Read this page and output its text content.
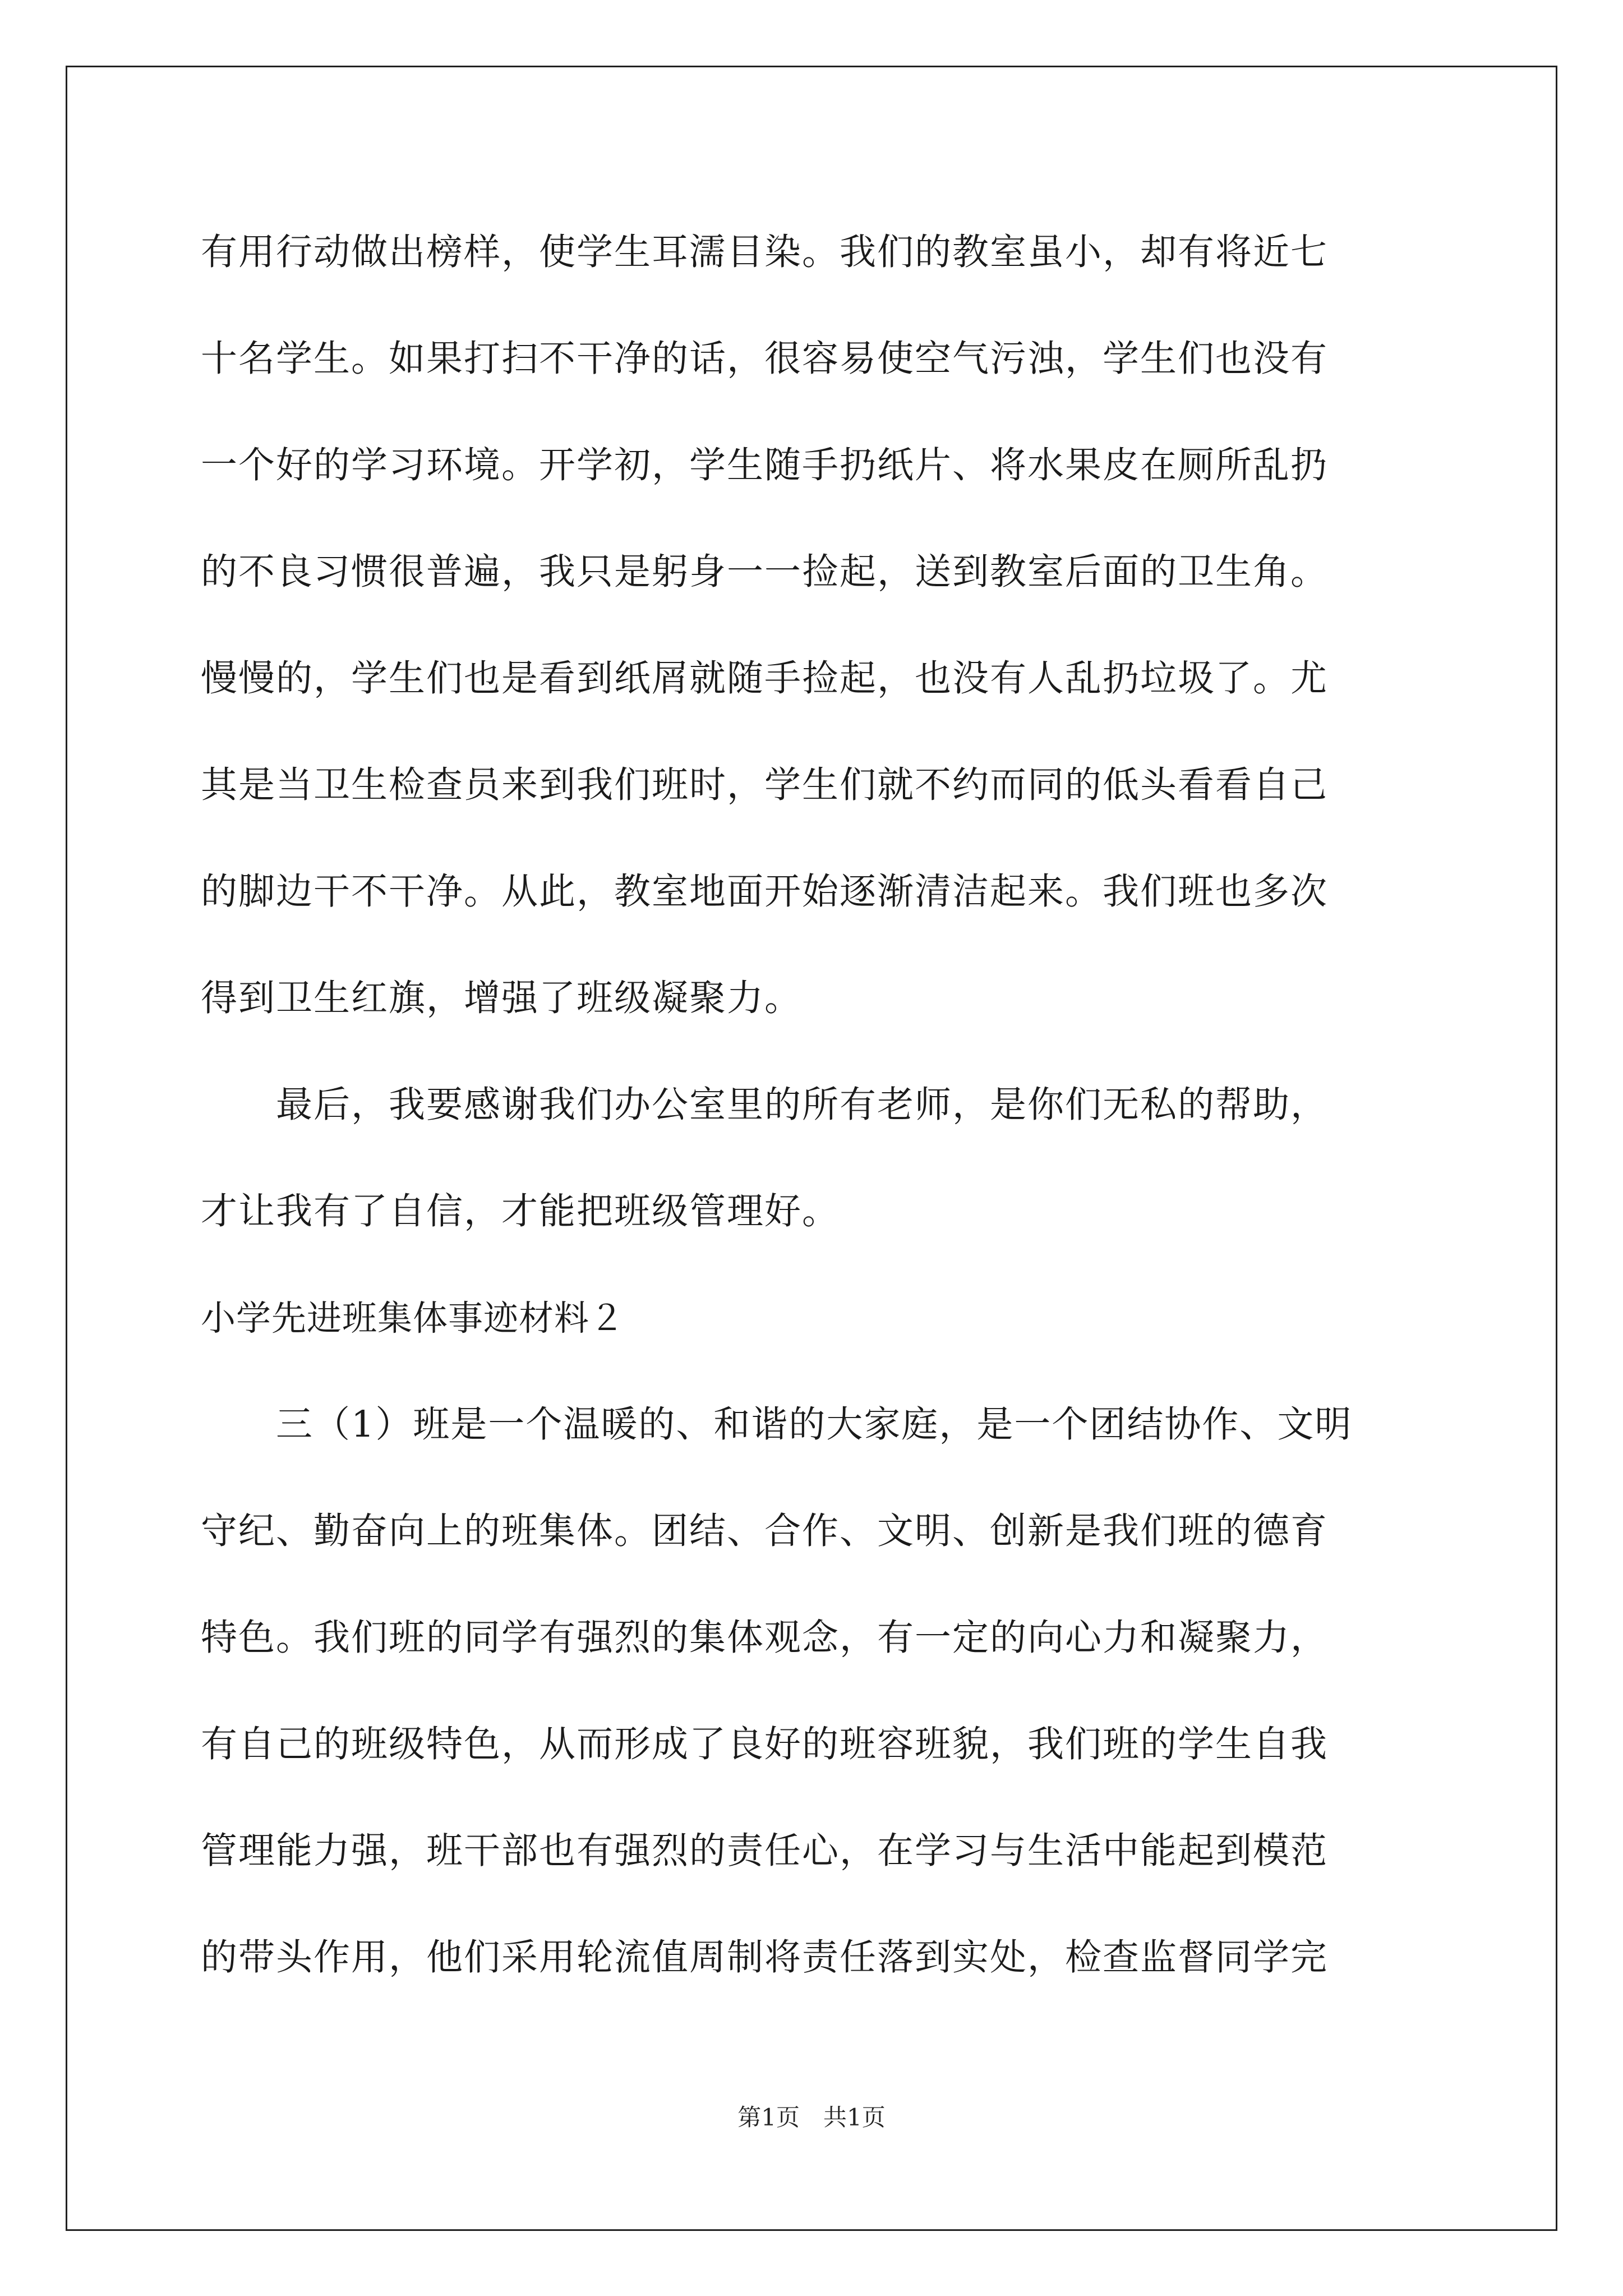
有用行动做出榜样，使学生耳濡目染。我们的教室虽小，却有将近七
十名学生。如果打扫不干净的话，很容易使空气污浊，学生们也没有
一个好的学习环境。开学初，学生随手扔纸片、将水果皮在厕所乱扔
的不良习惯很普遍，我只是躬身一一捡起，送到教室后面的卫生角。
慢慢的，学生们也是看到纸屑就随手捡起，也没有人乱扔垃圾了。尤
其是当卫生检查员来到我们班时，学生们就不约而同的低头看看自己
的脚边干不干净。从此，教室地面开始逐渐清洁起来。我们班也多次
得到卫生红旗，增强了班级凝聚力。
　　最后，我要感谢我们办公室里的所有老师，是你们无私的帮助，
才让我有了自信，才能把班级管理好。
小学先进班集体事迹材料２
　　三（1）班是一个温暖的、和谐的大家庭，是一个团结协作、文明
守纪、勤奋向上的班集体。团结、合作、文明、创新是我们班的德育
特色。我们班的同学有强烈的集体观念，有一定的向心力和凝聚力，
有自己的班级特色，从而形成了良好的班容班貌，我们班的学生自我
管理能力强，班干部也有强烈的责任心，在学习与生活中能起到模范
的带头作用，他们采用轮流值周制将责任落到实处，检查监督同学完
第1页　共1页
